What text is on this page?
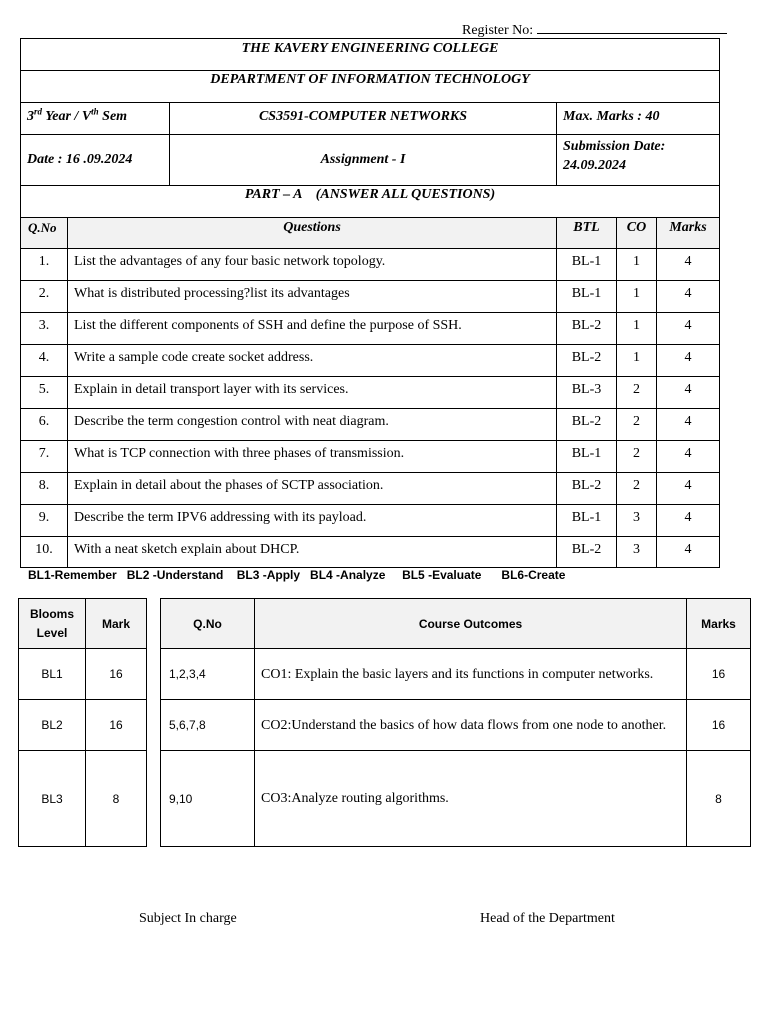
Register No:
THE KAVERY ENGINEERING COLLEGE					
DEPARTMENT OF INFORMATION TECHNOLOGY					
3rd Year / Vth Sem		CS3591-COMPUTER NETWORKS	Max. Marks : 40		
Date : 16 .09.2024		Assignment - I	Submission Date:
24.09.2024		

PART – A    (ANSWER ALL QUESTIONS)					
Q.No	Questions		BTL	CO	Marks
1.	List the advantages of any four basic network topology.		BL-1	1	4
2.	What is distributed processing?list its advantages		BL-1	1	4
3.	List the different components of SSH and define the purpose of SSH.		BL-2	1	4
4.	Write a sample code create socket address.		BL-2	1	4
5.	Explain in detail transport layer with its services.		BL-3	2	4
6.	Describe the term congestion control with neat diagram.		BL-2	2	4
7.	What is TCP connection with three phases of transmission.		BL-1	2	4
8.	Explain in detail about the phases of SCTP association.		BL-2	2	4
9.	Describe the term IPV6 addressing with its payload.		BL-1	3	4
10.	With a neat sketch explain about DHCP.		BL-2	3	4
BL1-Remember   BL2 -Understand    BL3 -Apply   BL4 -Analyze     BL5 -Evaluate      BL6-Create
Blooms Level	Mark
BL1	16
BL2	16
BL3	8
Q.No	Course Outcomes	Marks
1,2,3,4	CO1: Explain the basic layers and its functions in computer networks.	16
5,6,7,8	CO2:Understand the basics of how data flows from one node to another.	16
9,10	CO3:Analyze routing algorithms.	8
Subject In charge	Head of the Department
